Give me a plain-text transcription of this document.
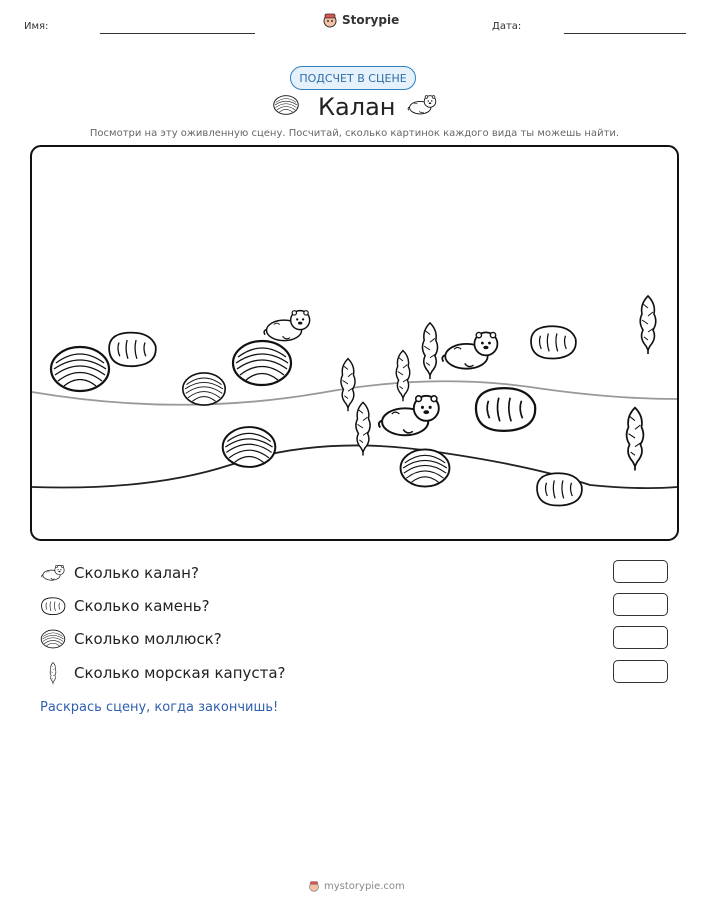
Имя:	Storypie	Дата:
ПОДСЧЕТ В СЦЕНЕ
Калан
Посмотри на эту оживленную сцену. Посчитай, сколько картинок каждого вида ты можешь найти.
Сколько калан?
Сколько камень?
Сколько моллюск?
Сколько морская капуста?
Раскрась сцену, когда закончишь!
mystorypie.com
